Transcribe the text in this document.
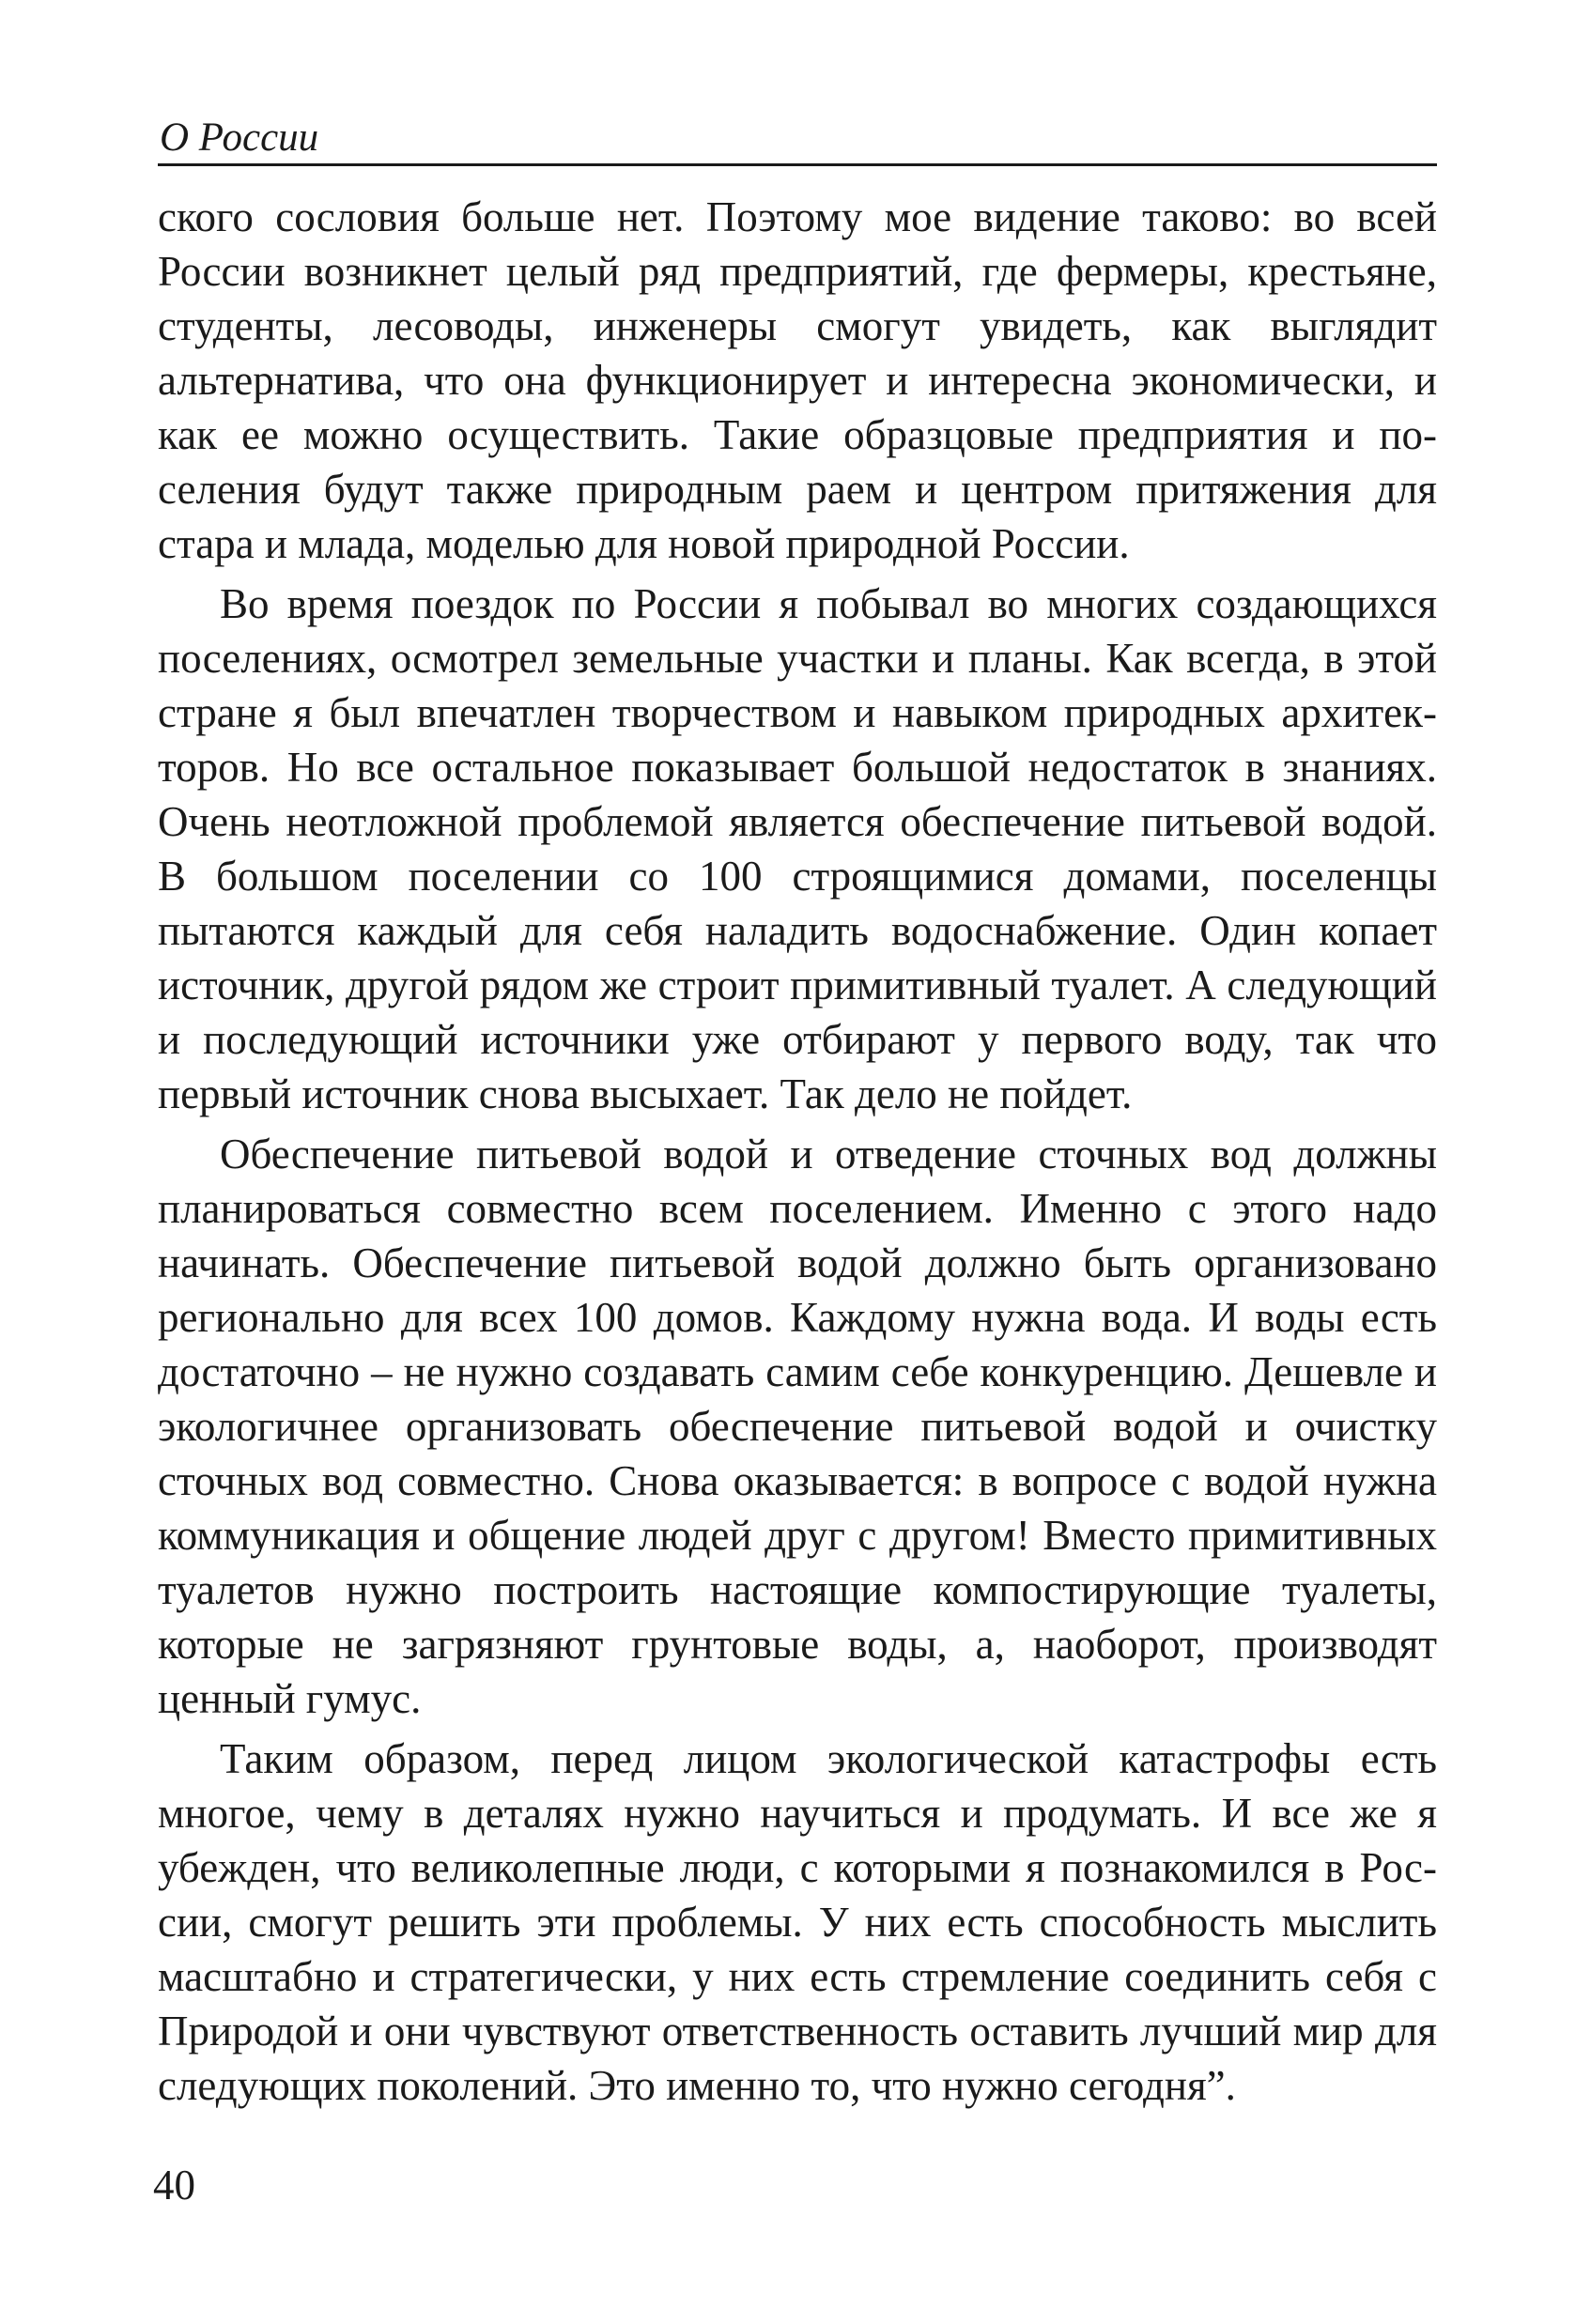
О России

ского сословия больше нет. Поэтому мое видение таково: во всей России возникнет целый ряд предприятий, где фермеры, крестьяне, студенты, лесоводы, инженеры смогут увидеть, как выглядит альтернатива, что она функционирует и интересна экономически, и как ее можно осуществить. Такие образцовые предприятия и поселения будут также природным раем и центром притяжения для стара и млада, моделью для новой природной России.

Во время поездок по России я побывал во многих создающихся поселениях, осмотрел земельные участки и планы. Как всегда, в этой стране я был впечатлен творчеством и навыком природных архитекторов. Но все остальное показывает большой недостаток в знаниях. Очень неотложной проблемой является обеспечение питьевой водой. В большом поселении со 100 строящимися домами, поселенцы пытаются каждый для себя наладить водоснабжение. Один копает источник, другой рядом же строит примитивный туалет. А следующий и последующий источники уже отбирают у первого воду, так что первый источник снова высыхает. Так дело не пойдет.

Обеспечение питьевой водой и отведение сточных вод должны планироваться совместно всем поселением. Именно с этого надо начинать. Обеспечение питьевой водой должно быть организовано регионально для всех 100 домов. Каждому нужна вода. И воды есть достаточно – не нужно создавать самим себе конкуренцию. Дешевле и экологичнее организовать обеспечение питьевой водой и очистку сточных вод совместно. Снова оказывается: в вопросе с водой нужна коммуникация и общение людей друг с другом! Вместо примитивных туалетов нужно построить настоящие компостирующие туалеты, которые не загрязняют грунтовые воды, а, наоборот, производят ценный гумус.

Таким образом, перед лицом экологической катастрофы есть многое, чему в деталях нужно научиться и продумать. И все же я убежден, что великолепные люди, с которыми я познакомился в России, смогут решить эти проблемы. У них есть способность мыслить масштабно и стратегически, у них есть стремление соединить себя с Природой и они чувствуют ответственность оставить лучший мир для следующих поколений. Это именно то, что нужно сегодня”.

40
